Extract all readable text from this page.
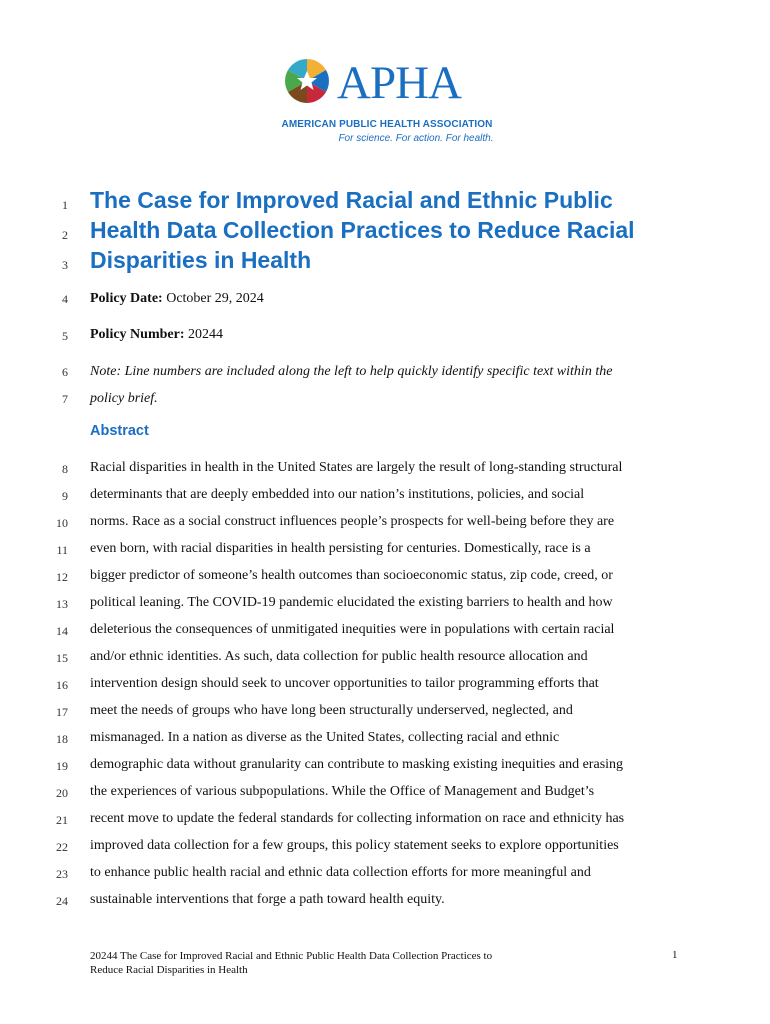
APHA
AMERICAN PUBLIC HEALTH ASSOCIATION
For science. For action. For health.
1
2
3
4
5
6
7
8
9
10
11
12
13
14
15
16
17
18
19
20
21
22
23
24
The Case for Improved Racial and Ethnic Public
Health Data Collection Practices to Reduce Racial
Disparities in Health
Policy Date: October 29, 2024
Policy Number: 20244
Note: Line numbers are included along the left to help quickly identify specific text within the
policy brief.
Abstract
Racial disparities in health in the United States are largely the result of long-standing structural
determinants that are deeply embedded into our nation’s institutions, policies, and social
norms. Race as a social construct influences people’s prospects for well-being before they are
even born, with racial disparities in health persisting for centuries. Domestically, race is a
bigger predictor of someone’s health outcomes than socioeconomic status, zip code, creed, or
political leaning. The COVID-19 pandemic elucidated the existing barriers to health and how
deleterious the consequences of unmitigated inequities were in populations with certain racial
and/or ethnic identities. As such, data collection for public health resource allocation and
intervention design should seek to uncover opportunities to tailor programming efforts that
meet the needs of groups who have long been structurally underserved, neglected, and
mismanaged. In a nation as diverse as the United States, collecting racial and ethnic
demographic data without granularity can contribute to masking existing inequities and erasing
the experiences of various subpopulations. While the Office of Management and Budget’s
recent move to update the federal standards for collecting information on race and ethnicity has
improved data collection for a few groups, this policy statement seeks to explore opportunities
to enhance public health racial and ethnic data collection efforts for more meaningful and
sustainable interventions that forge a path toward health equity.
20244 The Case for Improved Racial and Ethnic Public Health Data Collection Practices to
Reduce Racial Disparities in Health
1
